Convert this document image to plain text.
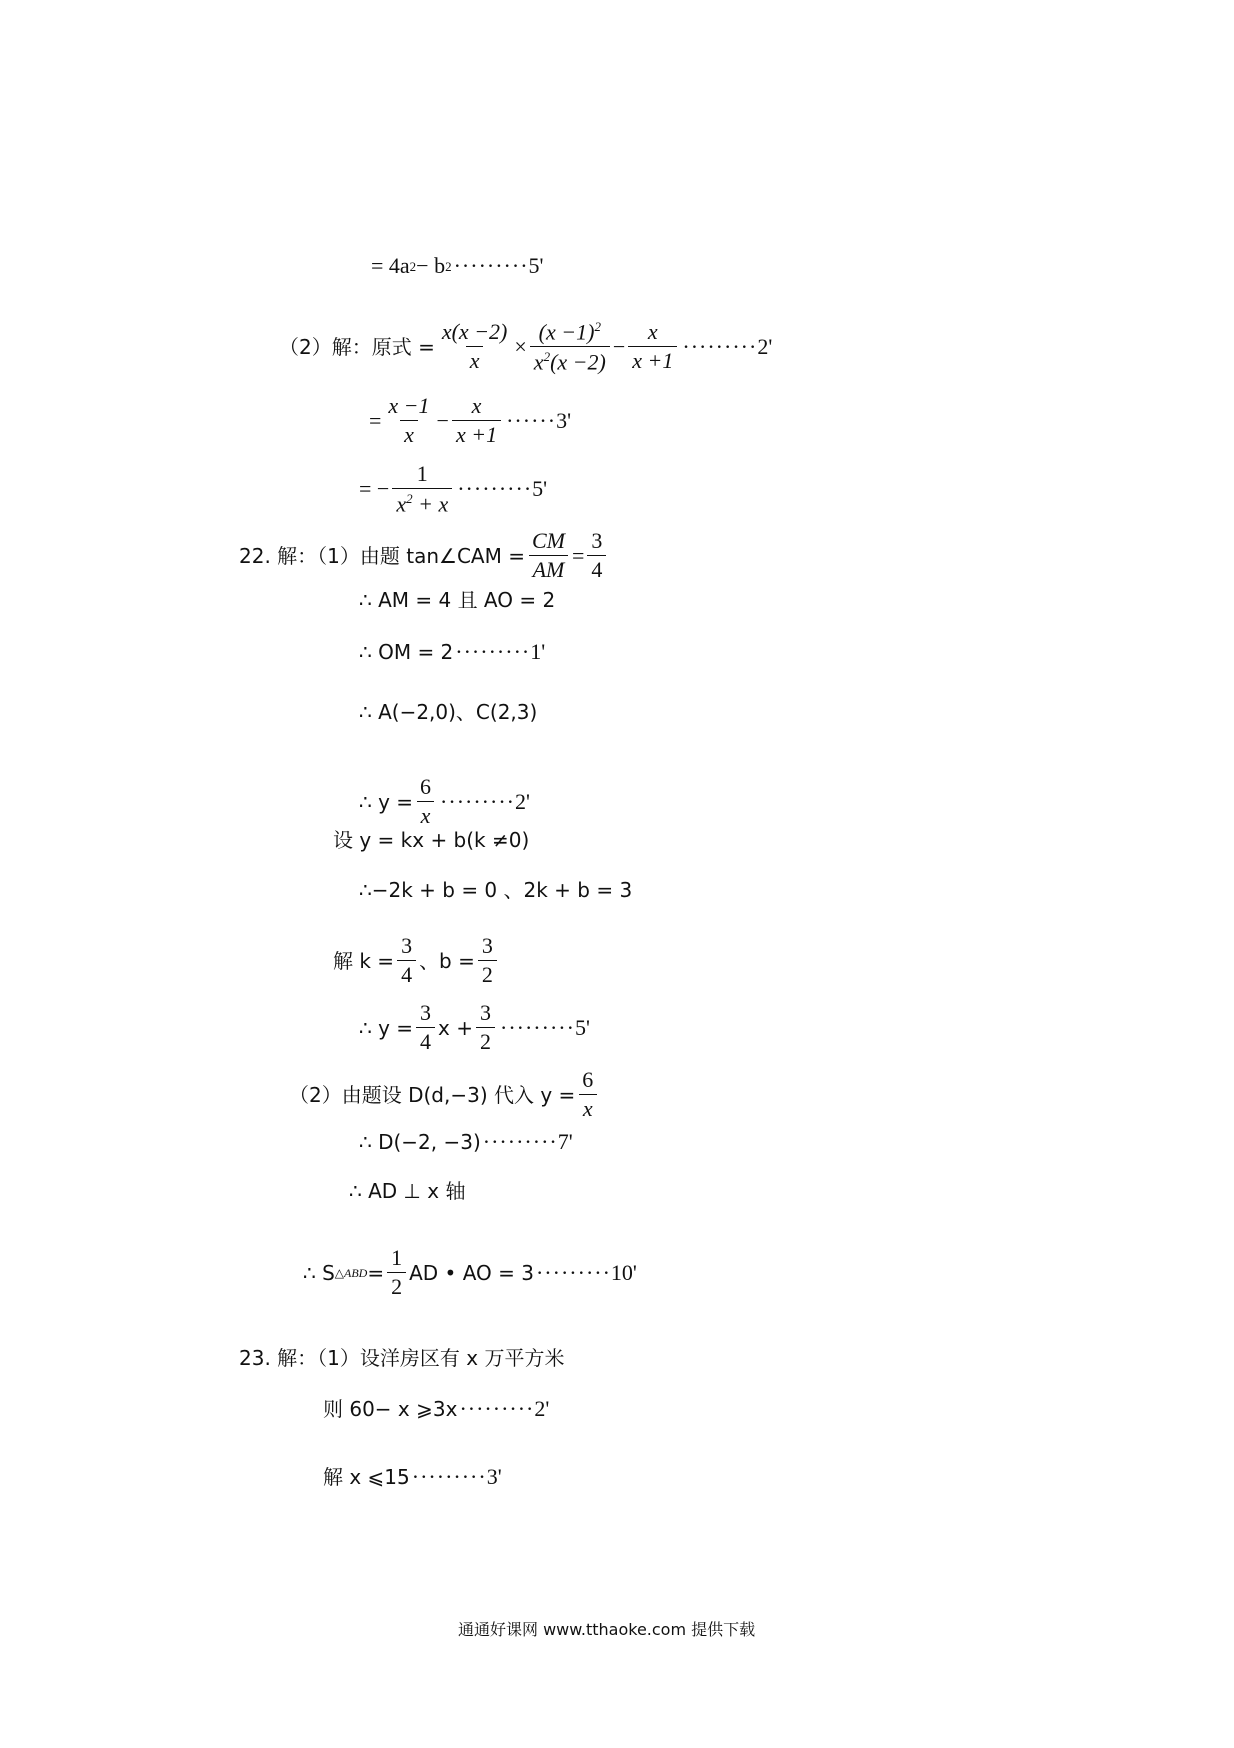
= 4a 2 − b 2 ········· 5'
（2）解：原式 = $\frac{x(x -2)}{x} \times \frac{(x -1)^2}{x^2(x -2)} - \frac{x}{x +1}$ ········· 2'
= $\frac{x -1}{x} - \frac{x}{x +1}$ ······ 3'
= − $\frac{1}{x^2 + x}$ ········· 5'
22. 解：（1）由题 tan∠CAM = $\frac{CM}{AM} = \frac{3}{4}$
∴ AM = 4 且 AO = 2
∴ OM = 2 ········· 1'
∴ A(−2,0)、C(2,3)
∴ $y = \frac{6}{x}$ ········· 2'
设 y = kx + b(k ≠0)
∴−2k + b = 0 、2k + b = 3
解 $k = \frac{3}{4}$ 、$b = \frac{3}{2}$
∴ $y = \frac{3}{4}$ $x + \frac{3}{2}$ ········· 5'
（2）由题设 D(d,−3) 代入 $y = \frac{6}{x}$
∴ D(−2, −3) ········· 7'
∴ AD ⊥ x 轴
∴ S △ABD = $\frac{1}{2}$ AD • AO = 3 ········· 10'
23. 解：（1）设洋房区有 x 万平方米
则 60− x ⩾3x ········· 2'
解 x ⩽15 ········· 3'
通通好课网 www.tthaoke.com 提供下载
